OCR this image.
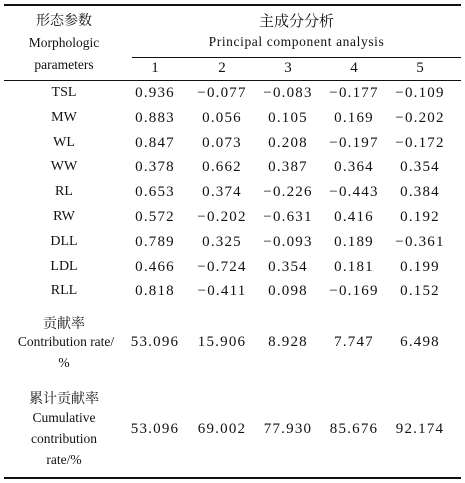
形态参数
Morphologic
parameters
主成分分析
Principal component analysis
1	2	3	4	5
TSL	0.936	−0.077	−0.083	−0.177	−0.109
MW	0.883	0.056	0.105	0.169	−0.202
WL	0.847	0.073	0.208	−0.197	−0.172
WW	0.378	0.662	0.387	0.364	0.354
RL	0.653	0.374	−0.226	−0.443	0.384
RW	0.572	−0.202	−0.631	0.416	0.192
DLL	0.789	0.325	−0.093	0.189	−0.361
LDL	0.466	−0.724	0.354	0.181	0.199
RLL	0.818	−0.411	0.098	−0.169	0.152
贡献率
Contribution rate/
%
53.096	15.906	8.928	7.747	6.498
累计贡献率
Cumulative
contribution
rate/%
53.096	69.002	77.930	85.676	92.174
